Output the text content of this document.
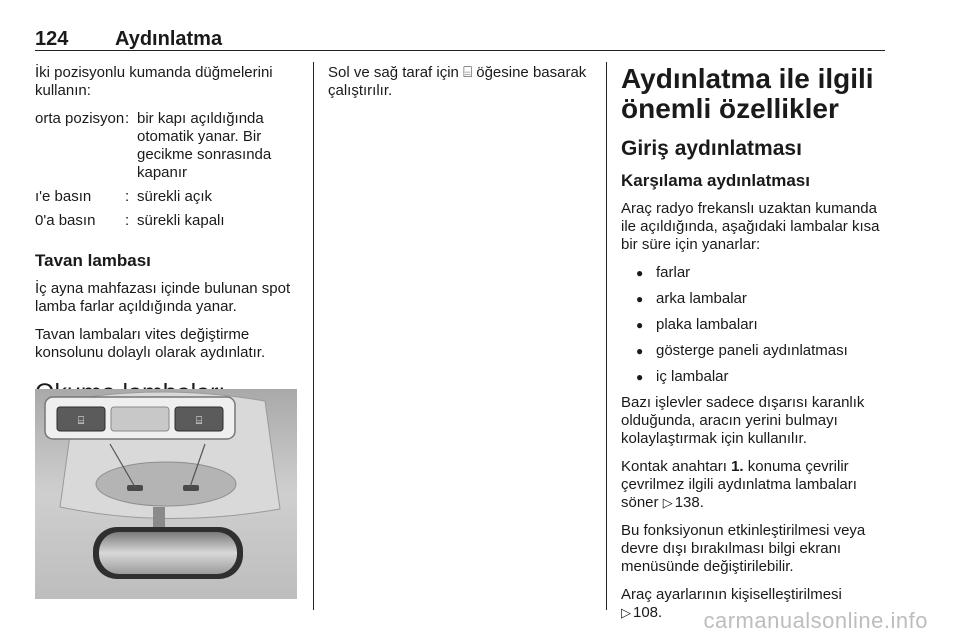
124 Aydınlatma

İki pozisyonlu kumanda düğmelerini kullanın:

orta pozisyon	:	bir kapı açıldığında otomatik yanar. Bir gecikme sonrasında kapanır
ı'e basın	:	sürekli açık
0'a basın	:	sürekli kapalı
Tavan lambası

İç ayna mahfazası içinde bulunan spot lamba farlar açıldığında yanar.

Tavan lambaları vites değiştirme konsolunu dolaylı olarak aydınlatır.

⌸	⌸

Sol ve sağ taraf için ⌸ öğesine basarak çalıştırılır.	Aydınlatma ile ilgili önemli özellikler
Giriş aydınlatması
Karşılama aydınlatması

Araç radyo frekanslı uzaktan kumanda ile açıldığında, aşağıdaki lambalar kısa bir süre için yanarlar:

● farlar
● arka lambalar
● plaka lambaları
● gösterge paneli aydınlatması
● iç lambalar

Bazı işlevler sadece dışarısı karanlık olduğunda, aracın yerini bulmayı kolaylaştırmak için kullanılır.

Kontak anahtarı 1. konuma çevrilir çevrilmez ilgili aydınlatma lambaları söner ▷ 138.

Bu fonksiyonun etkinleştirilmesi veya devre dışı bırakılması bilgi ekranı menüsünde değiştirilebilir.

Araç ayarlarının kişiselleştirilmesi
▷ 108.	carmanualsonline.info
